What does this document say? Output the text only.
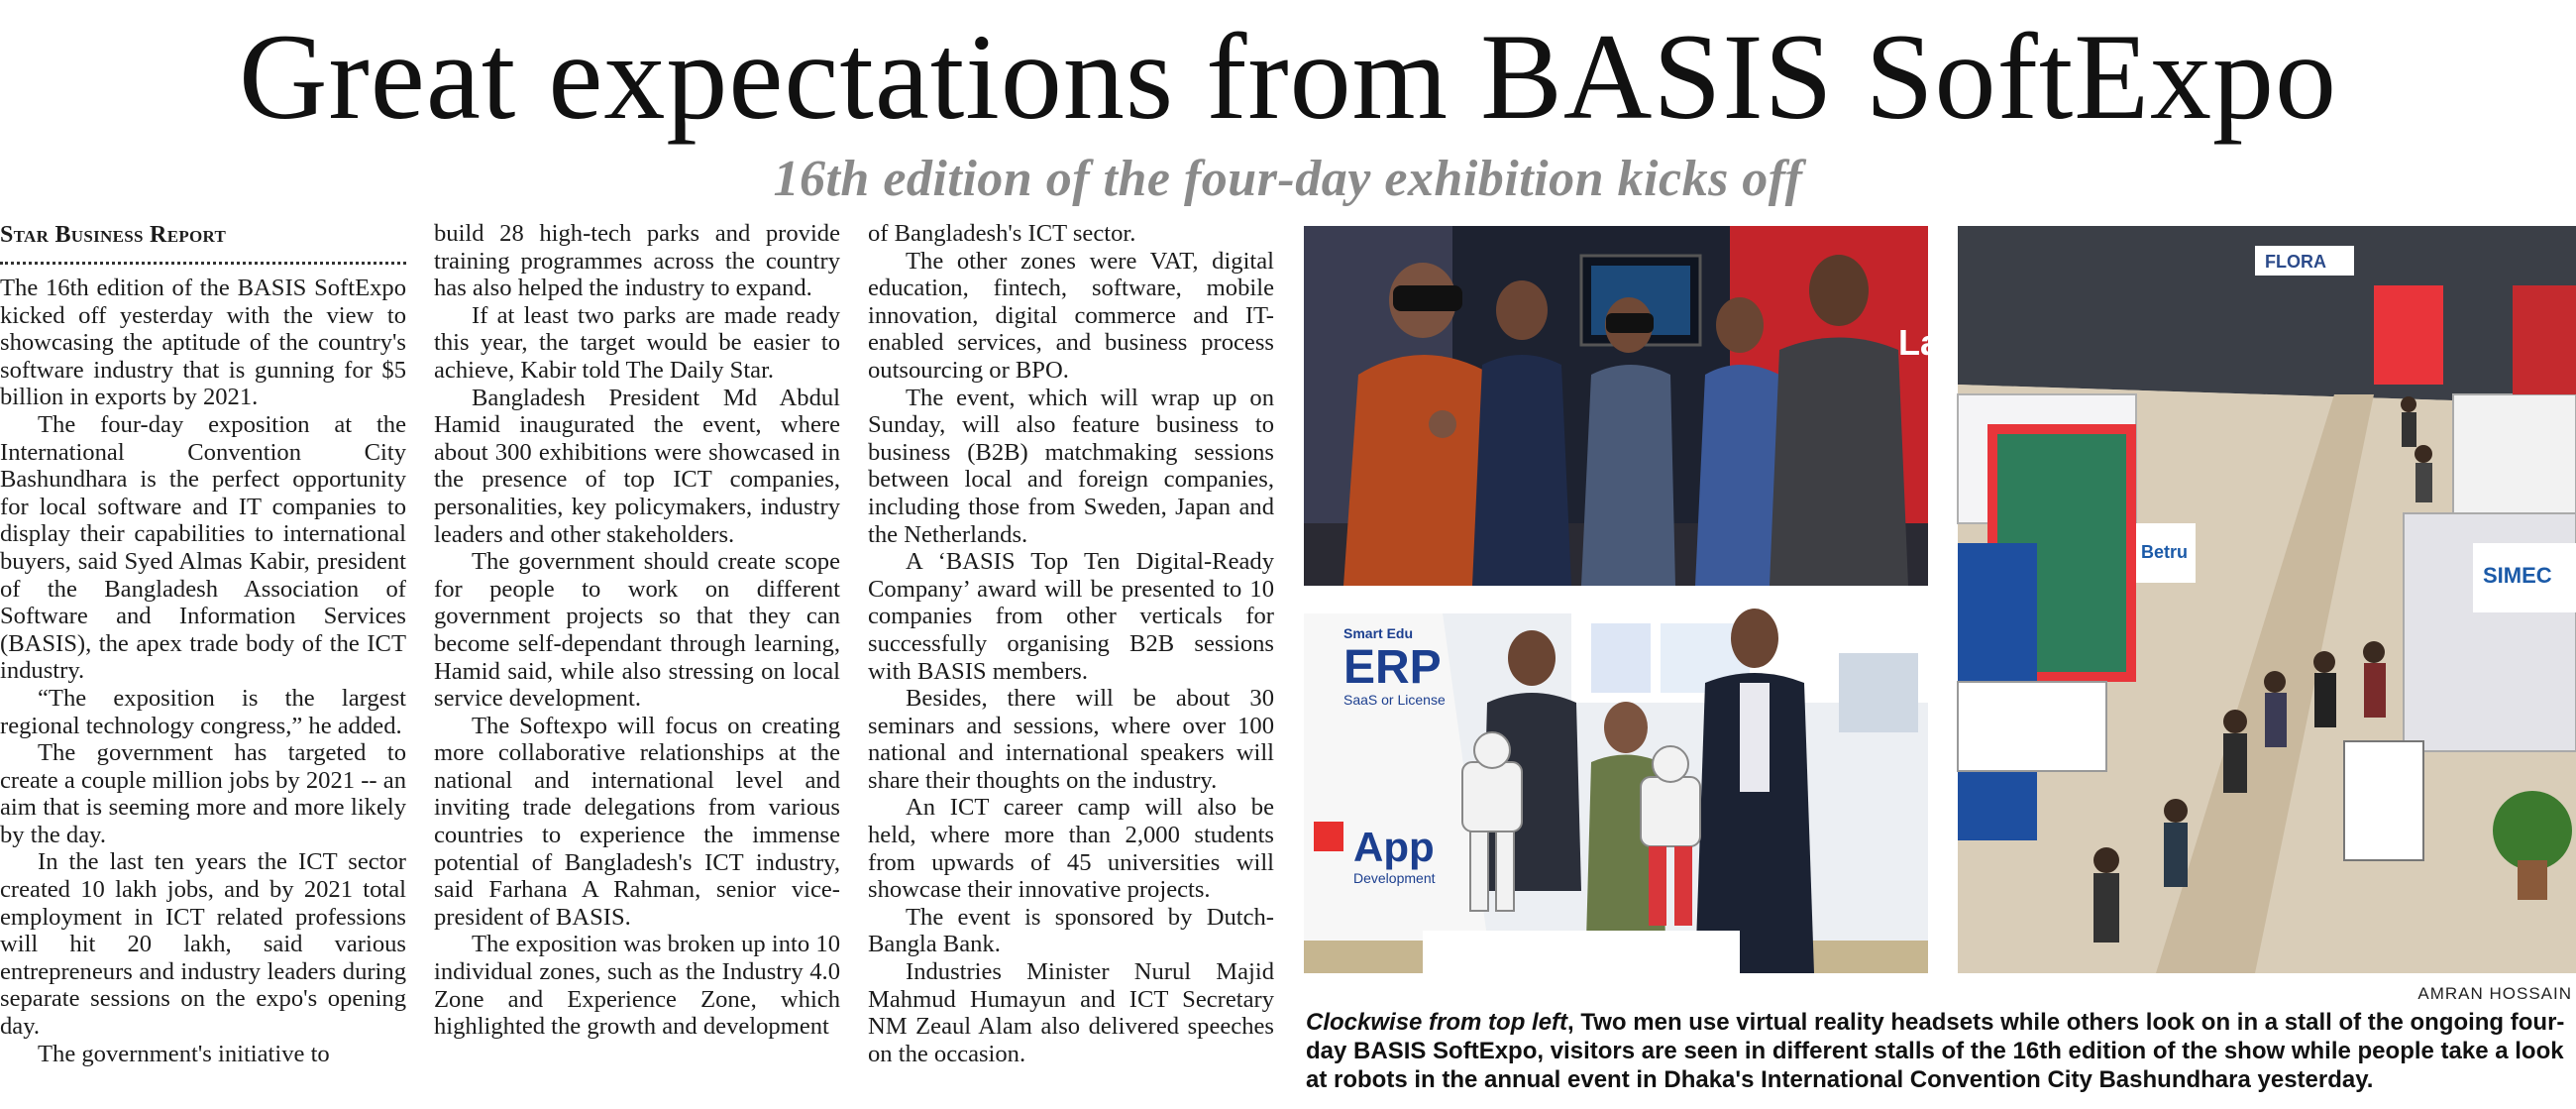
Great expectations from BASIS SoftExpo
16th edition of the four-day exhibition kicks off

Star Business Report

The 16th edition of the BASIS SoftExpo kicked off yesterday with the view to showcasing the aptitude of the country's software industry that is gunning for $5 billion in exports by 2021.

The four-day exposition at the International Convention City Bashundhara is the perfect opportunity for local software and IT companies to display their capabilities to international buyers, said Syed Almas Kabir, president of the Bangladesh Association of Software and Information Services (BASIS), the apex trade body of the ICT industry.

“The exposition is the largest regional technology congress,” he added.

The government has targeted to create a couple million jobs by 2021 -- an aim that is seeming more and more likely by the day.

In the last ten years the ICT sector created 10 lakh jobs, and by 2021 total employment in ICT related professions will hit 20 lakh, said various entrepreneurs and industry leaders during separate sessions on the expo's opening day.

The government's initiative to

build 28 high-tech parks and provide training programmes across the country has also helped the industry to expand.

If at least two parks are made ready this year, the target would be easier to achieve, Kabir told The Daily Star.

Bangladesh President Md Abdul Hamid inaugurated the event, where about 300 exhibitions were showcased in the presence of top ICT companies, personalities, key policymakers, industry leaders and other stakeholders.

The government should create scope for people to work on different government projects so that they can become self-dependant through learning, Hamid said, while also stressing on local service development.

The Softexpo will focus on creating more collaborative relationships at the national and international level and inviting trade delegations from various countries to experience the immense potential of Bangladesh's ICT industry, said Farhana A Rahman, senior vice-president of BASIS.

The exposition was broken up into 10 individual zones, such as the Industry 4.0 Zone and Experience Zone, which highlighted the growth and development

of Bangladesh's ICT sector.

The other zones were VAT, digital education, fintech, software, mobile innovation, digital commerce and IT-enabled services, and business process outsourcing or BPO.

The event, which will wrap up on Sunday, will also feature business to business (B2B) matchmaking sessions between local and foreign companies, including those from Sweden, Japan and the Netherlands.

A ‘BASIS Top Ten Digital-Ready Company’ award will be presented to 10 companies from other verticals for successfully organising B2B sessions with BASIS members.

Besides, there will be about 30 seminars and sessions, where over 100 national and international speakers will share their thoughts on the industry.

An ICT career camp will also be held, where more than 2,000 students from upwards of 45 universities will showcase their innovative projects.

The event is sponsored by Dutch-Bangla Bank.

Industries Minister Nurul Majid Mahmud Humayun and ICT Secretary NM Zeaul Alam also delivered speeches on the occasion.

La
Smart Edu
ERP
SaaS or License
App
Development
Betru
SIMEC
FLORA
AMRAN HOSSAIN
Clockwise from top left, Two men use virtual reality headsets while others look on in a stall of the ongoing four-day BASIS SoftExpo, visitors are seen in different stalls of the 16th edition of the show while people take a look at robots in the annual event in Dhaka's International Convention City Bashundhara yesterday.
